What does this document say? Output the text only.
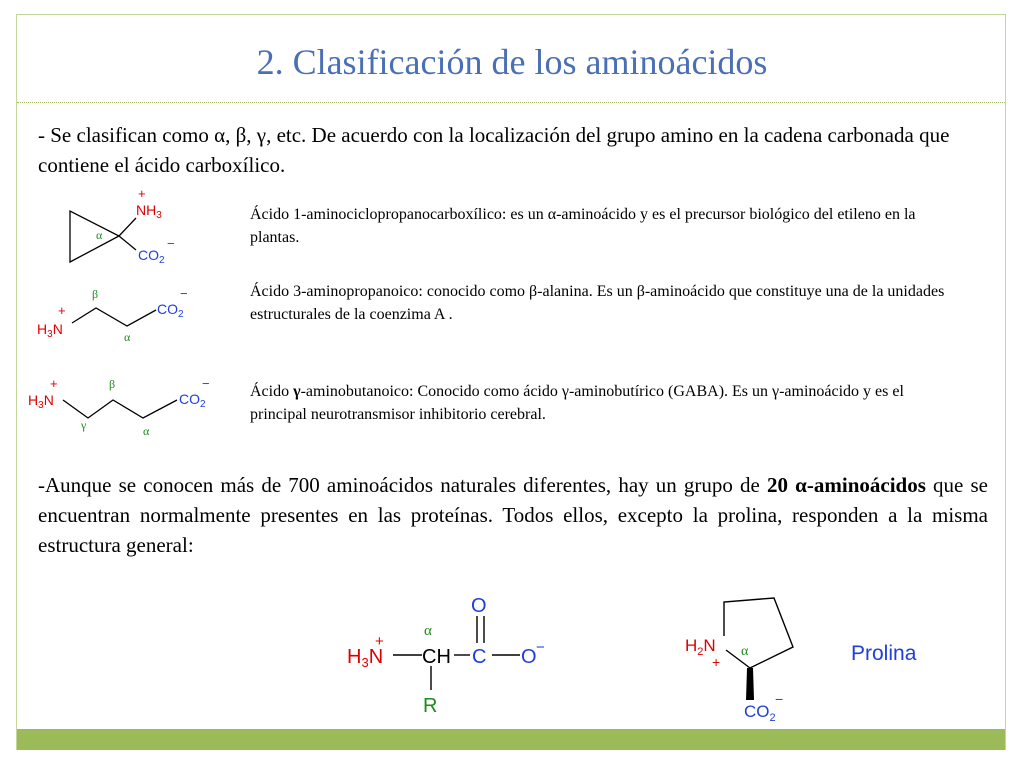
2. Clasificación de los aminoácidos
- Se clasifican como α, β, γ, etc. De acuerdo con la localización del grupo amino en la cadena carbonada que contiene el ácido carboxílico.
Ácido 1-aminociclopropanocarboxílico: es un α-aminoácido y es el precursor biológico del etileno en la plantas.
Ácido 3-aminopropanoico: conocido como β-alanina. Es un β-aminoácido que constituye una de la unidades estructurales de la coenzima A .
Ácido γ-aminobutanoico: Conocido como ácido γ-aminobutírico (GABA). Es un γ-aminoácido y es el principal neurotransmisor inhibitorio cerebral.
-Aunque se conocen más de 700 aminoácidos naturales diferentes, hay un grupo de 20 α-aminoácidos que se encuentran normalmente presentes en las proteínas. Todos ellos, excepto la prolina, responden a la misma estructura general:
+
$NH_3$
α
−
$CO_2$
+
$H_3N$
β
α
−
$CO_2$
+
$H_3N$
β
γ	α
−
$CO_2$
+
$H_3N$
α
CH C
O
O −
R
$H_2N$
+
α
−
$CO_2$
Prolina
